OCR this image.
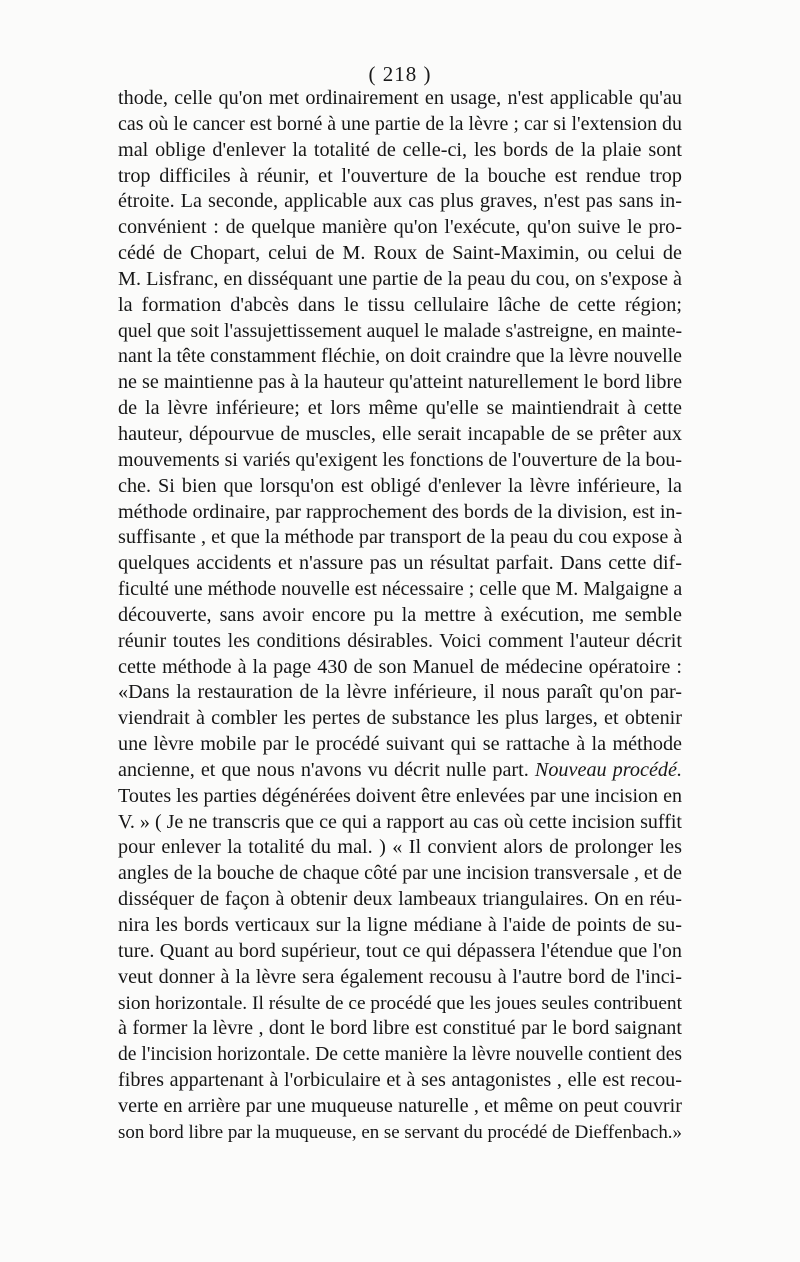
( 218 )
thode, celle qu'on met ordinairement en usage, n'est applicable qu'au
cas où le cancer est borné à une partie de la lèvre ; car si l'extension du
mal oblige d'enlever la totalité de celle-ci, les bords de la plaie sont
trop difficiles à réunir, et l'ouverture de la bouche est rendue trop
étroite. La seconde, applicable aux cas plus graves, n'est pas sans in-
convénient : de quelque manière qu'on l'exécute, qu'on suive le pro-
cédé de Chopart, celui de M. Roux de Saint-Maximin, ou celui de
M. Lisfranc, en disséquant une partie de la peau du cou, on s'expose à
la formation d'abcès dans le tissu cellulaire lâche de cette région;
quel que soit l'assujettissement auquel le malade s'astreigne, en mainte-
nant la tête constamment fléchie, on doit craindre que la lèvre nouvelle
ne se maintienne pas à la hauteur qu'atteint naturellement le bord libre
de la lèvre inférieure; et lors même qu'elle se maintiendrait à cette
hauteur, dépourvue de muscles, elle serait incapable de se prêter aux
mouvements si variés qu'exigent les fonctions de l'ouverture de la bou-
che. Si bien que lorsqu'on est obligé d'enlever la lèvre inférieure, la
méthode ordinaire, par rapprochement des bords de la division, est in-
suffisante , et que la méthode par transport de la peau du cou expose à
quelques accidents et n'assure pas un résultat parfait. Dans cette dif-
ficulté une méthode nouvelle est nécessaire ; celle que M. Malgaigne a
découverte, sans avoir encore pu la mettre à exécution, me semble
réunir toutes les conditions désirables. Voici comment l'auteur décrit
cette méthode à la page 430 de son Manuel de médecine opératoire :
«Dans la restauration de la lèvre inférieure, il nous paraît qu'on par-
viendrait à combler les pertes de substance les plus larges, et obtenir
une lèvre mobile par le procédé suivant qui se rattache à la méthode
ancienne, et que nous n'avons vu décrit nulle part. Nouveau procédé.
Toutes les parties dégénérées doivent être enlevées par une incision en
V. » ( Je ne transcris que ce qui a rapport au cas où cette incision suffit
pour enlever la totalité du mal. ) « Il convient alors de prolonger les
angles de la bouche de chaque côté par une incision transversale , et de
disséquer de façon à obtenir deux lambeaux triangulaires. On en réu-
nira les bords verticaux sur la ligne médiane à l'aide de points de su-
ture. Quant au bord supérieur, tout ce qui dépassera l'étendue que l'on
veut donner à la lèvre sera également recousu à l'autre bord de l'inci-
sion horizontale. Il résulte de ce procédé que les joues seules contribuent
à former la lèvre , dont le bord libre est constitué par le bord saignant
de l'incision horizontale. De cette manière la lèvre nouvelle contient des
fibres appartenant à l'orbiculaire et à ses antagonistes , elle est recou-
verte en arrière par une muqueuse naturelle , et même on peut couvrir
son bord libre par la muqueuse, en se servant du procédé de Dieffenbach.»
